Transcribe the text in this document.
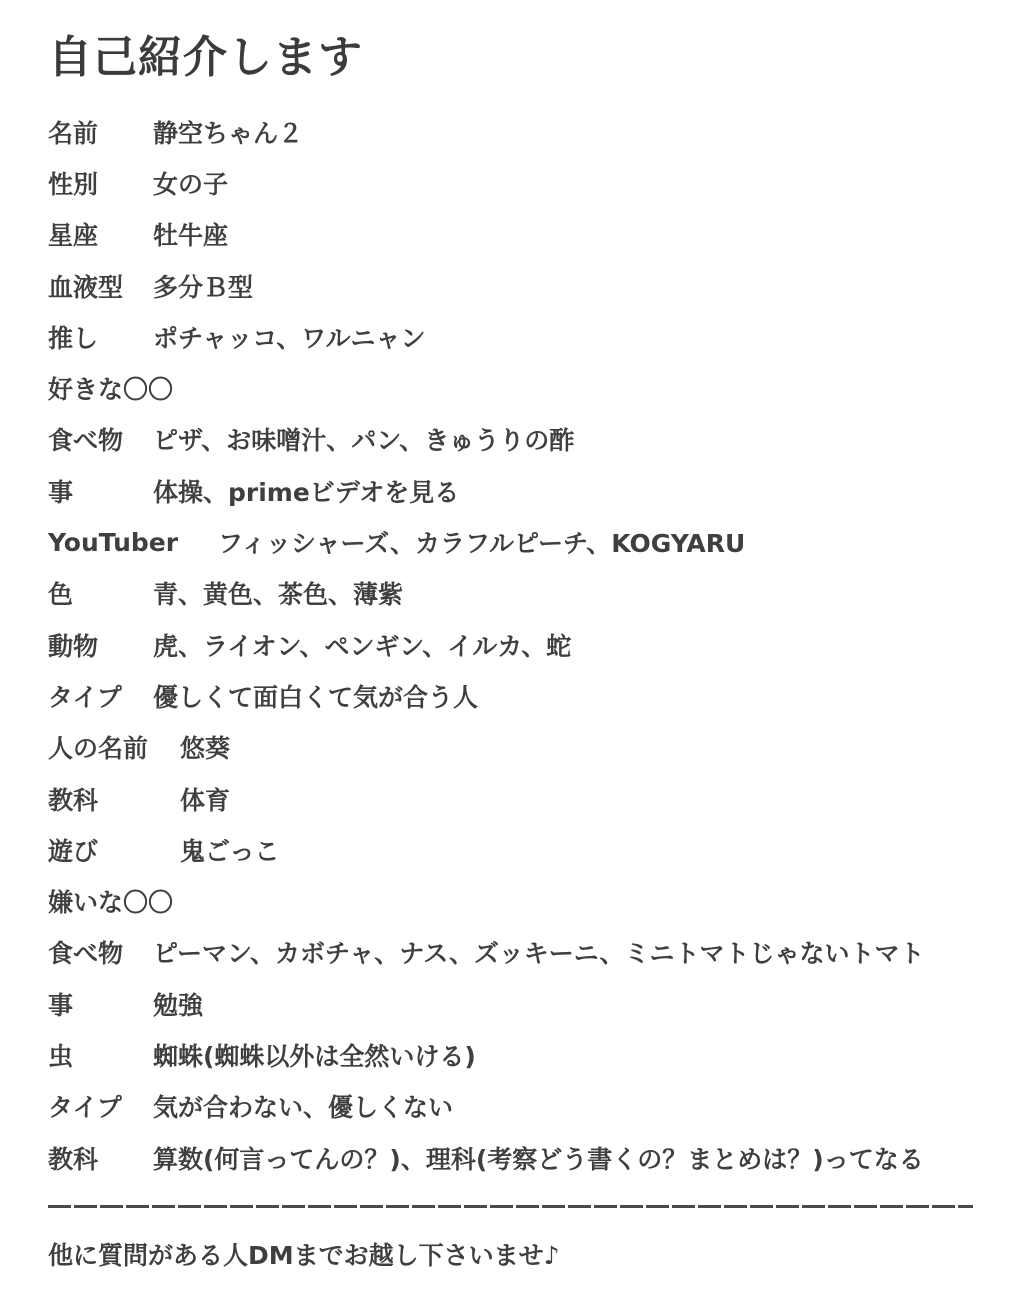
自己紹介します
名前	静空ちゃん２
性別	女の子
星座	牡牛座
血液型	多分Ｂ型
推し	ポチャッコ、ワルニャン
好きな〇〇
食べ物	ピザ、お味噌汁、パン、きゅうりの酢
事	体操、primeビデオを見る
YouTuber	フィッシャーズ、カラフルピーチ、KOGYARU
色	青、黄色、茶色、薄紫
動物	虎、ライオン、ペンギン、イルカ、蛇
タイプ	優しくて面白くて気が合う人
人の名前	悠葵
教科	体育
遊び	鬼ごっこ
嫌いな〇〇
食べ物	ピーマン、カボチャ、ナス、ズッキーニ、ミニトマトじゃないトマト
事	勉強
虫	蜘蛛(蜘蛛以外は全然いける)
タイプ	気が合わない、優しくない
教科	算数(何言ってんの？)、理科(考察どう書くの？まとめは？)ってなる
他に質問がある人DMまでお越し下さいませ♪
